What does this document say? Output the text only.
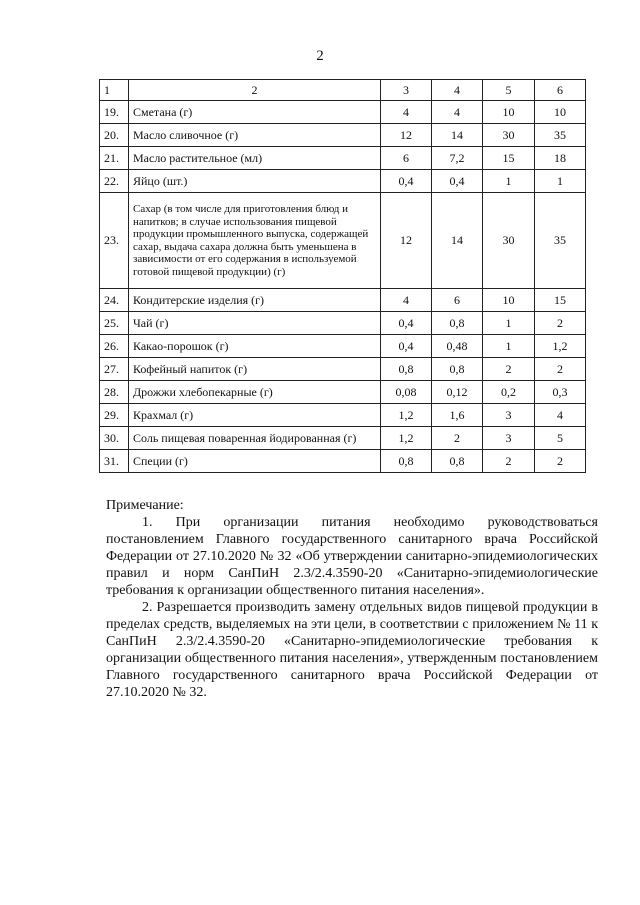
2
1	2	3	4	5	6
19.	Сметана (г)	4	4	10	10
20.	Масло сливочное (г)	12	14	30	35
21.	Масло растительное (мл)	6	7,2	15	18
22.	Яйцо (шт.)	0,4	0,4	1	1
23.	Сахар (в том числе для приготовления блюд и напитков; в случае использования пищевой продукции промышленного выпуска, содержащей сахар, выдача сахара должна быть уменьшена в зависимости от его содержания в используемой готовой пищевой продукции) (г)	12	14	30	35
24.	Кондитерские изделия (г)	4	6	10	15
25.	Чай (г)	0,4	0,8	1	2
26.	Какао-порошок (г)	0,4	0,48	1	1,2
27.	Кофейный напиток (г)	0,8	0,8	2	2
28.	Дрожжи хлебопекарные (г)	0,08	0,12	0,2	0,3
29.	Крахмал (г)	1,2	1,6	3	4
30.	Соль пищевая поваренная йодированная (г)	1,2	2	3	5
31.	Специи (г)	0,8	0,8	2	2

Примечание:

1. При организации питания необходимо руководствоваться постановлением Главного государственного санитарного врача Российской Федерации от 27.10.2020 № 32 «Об утверждении санитарно-эпидемиологических правил и норм СанПиН 2.3/2.4.3590-20 «Санитарно-эпидемиологические требования к организации общественного питания населения».

2. Разрешается производить замену отдельных видов пищевой продукции в пределах средств, выделяемых на эти цели, в соответствии с приложением № 11 к СанПиН 2.3/2.4.3590-20 «Санитарно-эпидемиологические требования к организации общественного питания населения», утвержденным постановлением Главного государственного санитарного врача Российской Федерации от 27.10.2020 № 32.
